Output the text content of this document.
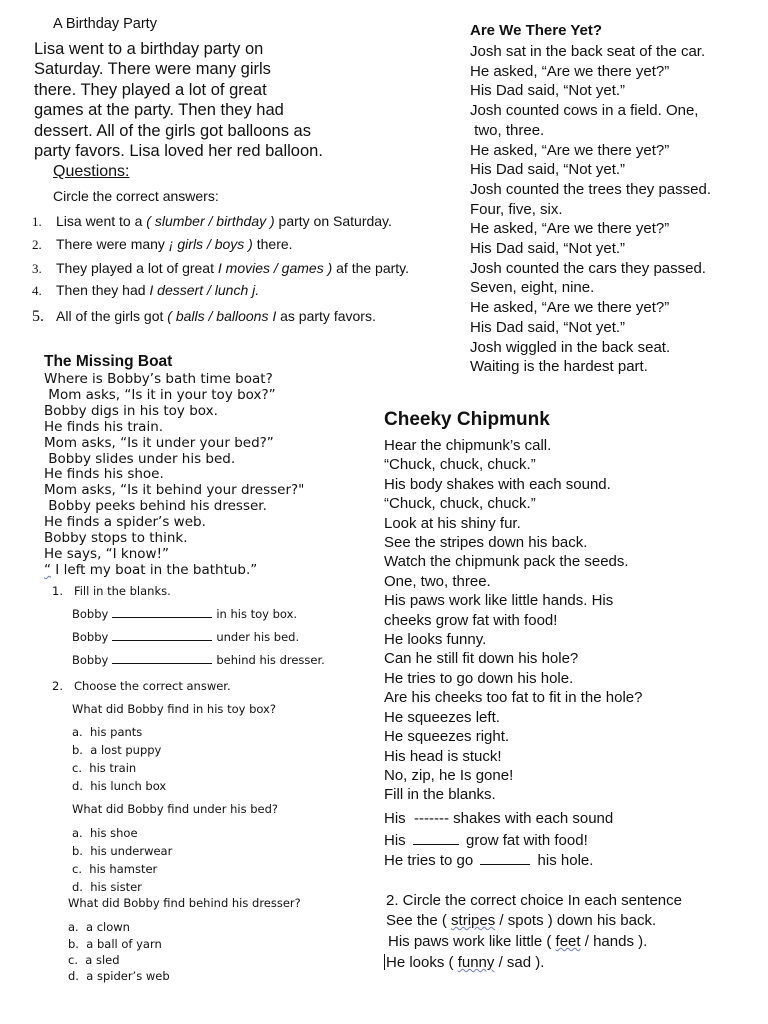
A Birthday Party
Lisa went to a birthday party on
Saturday. There were many girls
there. They played a lot of great
games at the party. Then they had
dessert. All of the girls got balloons as
party favors. Lisa loved her red balloon.
Questions:
Circle the correct answers:
1. Lisa went to a ( slumber / birthday ) party on Saturday.
2. There were many ¡ girls / boys ) there.
3. They played a lot of great I movies / games ) af the party.
4. Then they had I dessert / lunch j.
5. All of the girls got ( balls / balloons I as party favors.
Are We There Yet?
Josh sat in the back seat of the car.
He asked, “Are we there yet?”
His Dad said, “Not yet.”
Josh counted cows in a field. One,
two, three.
He asked, “Are we there yet?”
His Dad said, “Not yet.”
Josh counted the trees they passed.
Four, five, six.
He asked, “Are we there yet?”
His Dad said, “Not yet.”
Josh counted the cars they passed.
Seven, eight, nine.
He asked, “Are we there yet?”
His Dad said, “Not yet.”
Josh wiggled in the back seat.
Waiting is the hardest part.
The Missing Boat
Where is Bobby’s bath time boat?
Mom asks, “Is it in your toy box?”
Bobby digs in his toy box.
He finds his train.
Mom asks, “Is it under your bed?”
Bobby slides under his bed.
He finds his shoe.
Mom asks, “Is it behind your dresser?"
Bobby peeks behind his dresser.
He finds a spider’s web.
Bobby stops to think.
He says, “I know!”
“ I left my boat in the bathtub.”
1.   Fill in the blanks.
Bobby	in his toy box.
Bobby	under his bed.
Bobby	behind his dresser.
2.   Choose the correct answer.
What did Bobby find in his toy box?
a.  his pants
b.  a lost puppy
c.  his train
d.  his lunch box
What did Bobby find under his bed?
a.  his shoe
b.  his underwear
c.  his hamster
d.  his sister
What did Bobby find behind his dresser?
a.  a clown
b.  a ball of yarn
c.  a sled
d.  a spider’s web
Cheeky Chipmunk
Hear the chipmunk’s call.
“Chuck, chuck, chuck.”
His body shakes with each sound.
“Chuck, chuck, chuck.”
Look at his shiny fur.
See the stripes down his back.
Watch the chipmunk pack the seeds.
One, two, three.
His paws work like little hands. His
cheeks grow fat with food!
He looks funny.
Can he still fit down his hole?
He tries to go down his hole.
Are his cheeks too fat to fit in the hole?
He squeezes left.
He squeezes right.
His head is stuck!
No, zip, he Is gone!
Fill in the blanks.
His  ------- shakes with each sound
His	grow fat with food!
He tries to go	his hole.
2. Circle the correct choice In each sentence
See the ( stripes / spots ) down his back.
His paws work like little ( feet / hands ).
He looks ( funny / sad ).
